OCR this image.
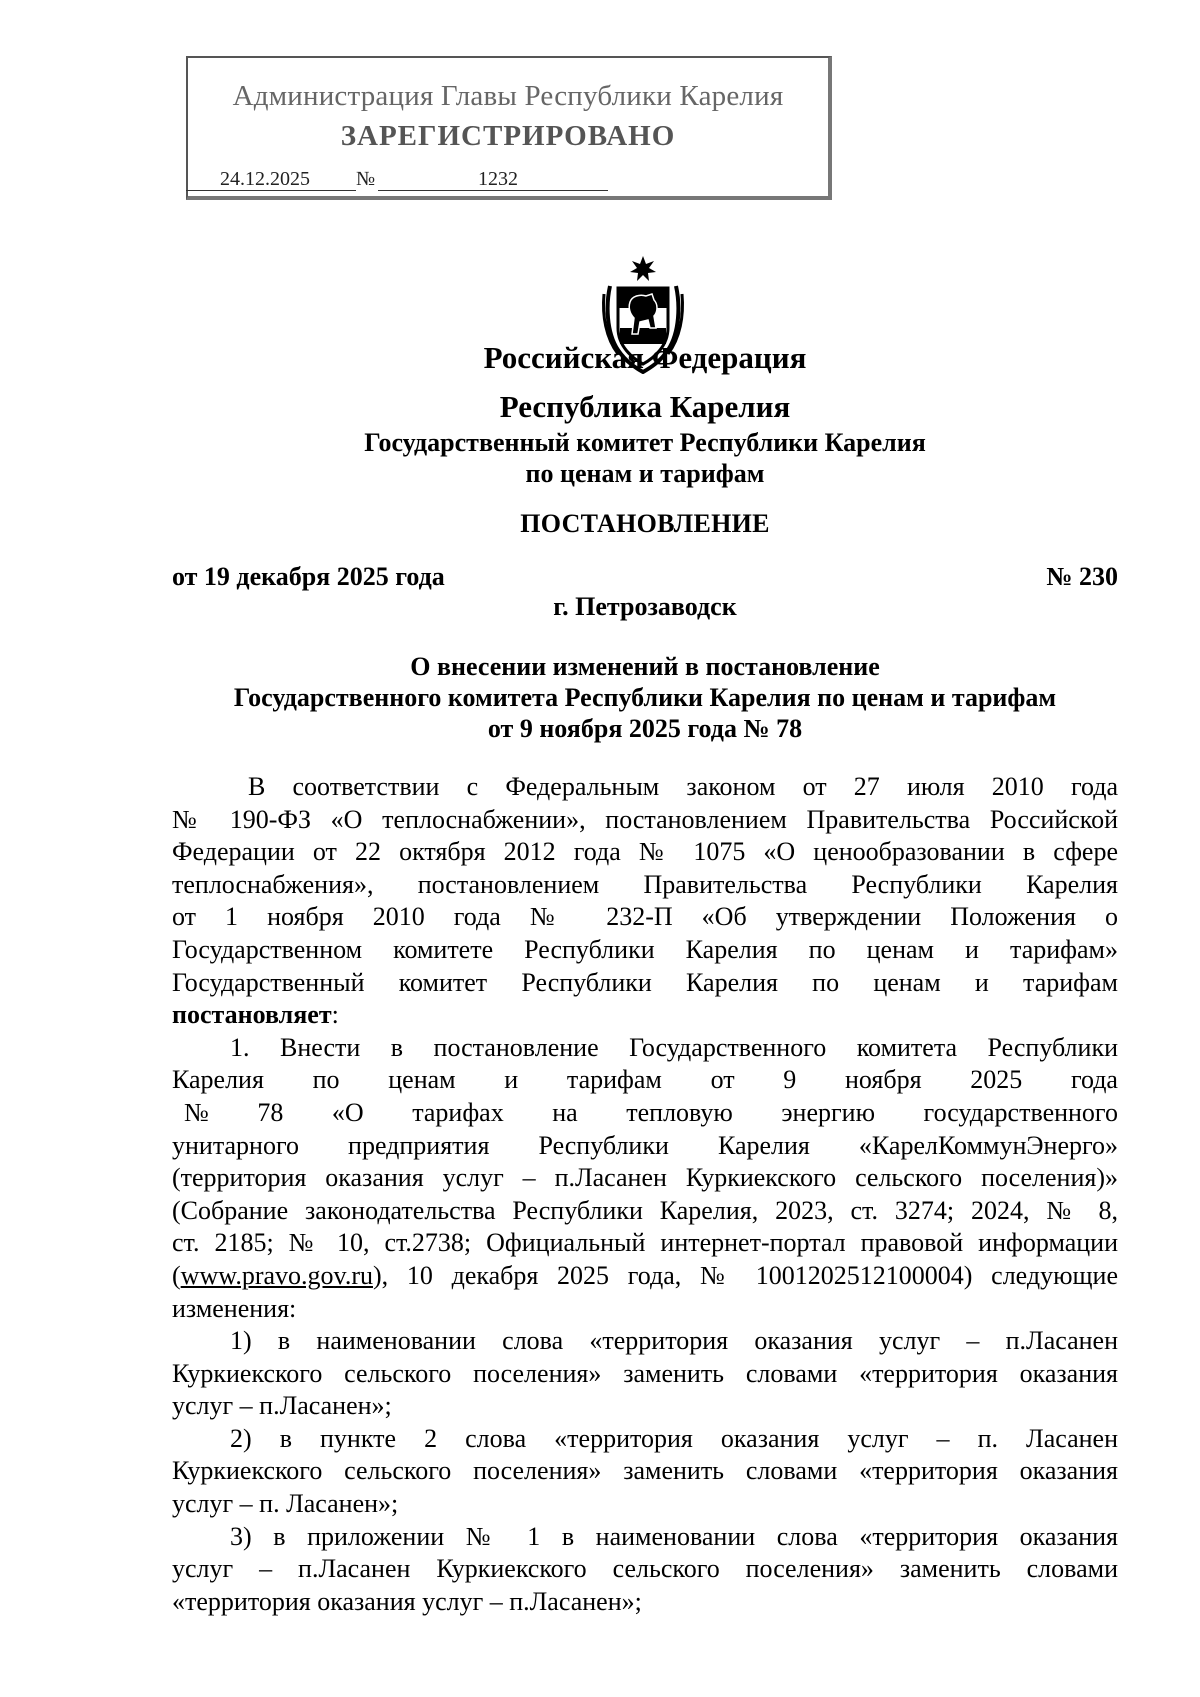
Администрация Главы Республики Карелия
ЗАРЕГИСТРИРОВАНО
24.12.2025	№	1232
Российская Федерация
Республика Карелия
Государственный комитет Республики Карелия
по ценам и тарифам
ПОСТАНОВЛЕНИЕ
от 19 декабря 2025 года	№ 230
г. Петрозаводск
О внесении изменений в постановление
Государственного комитета Республики Карелия по ценам и тарифам
от 9 ноября 2025 года № 78
В соответствии с Федеральным законом от 27 июля 2010 года
№ 190-ФЗ «О теплоснабжении», постановлением Правительства Российской
Федерации от 22 октября 2012 года № 1075 «О ценообразовании в сфере
теплоснабжения», постановлением Правительства Республики Карелия
от 1 ноября 2010 года № 232-П «Об утверждении Положения о
Государственном комитете Республики Карелия по ценам и тарифам»
Государственный комитет Республики Карелия по ценам и тарифам
постановляет:
1. Внести в постановление Государственного комитета Республики
Карелия по ценам и тарифам от 9 ноября 2025 года
№ 78 «О тарифах на тепловую энергию государственного
унитарного предприятия Республики Карелия «КарелКоммунЭнерго»
(территория оказания услуг – п.Ласанен Куркиекского сельского поселения)»
(Собрание законодательства Республики Карелия, 2023, ст. 3274; 2024, № 8,
ст. 2185; № 10, ст.2738; Официальный интернет-портал правовой информации
(www.pravo.gov.ru), 10 декабря 2025 года, № 1001202512100004) следующие
изменения:
1) в наименовании слова «территория оказания услуг – п.Ласанен
Куркиекского сельского поселения» заменить словами «территория оказания
услуг – п.Ласанен»;
2) в пункте 2 слова «территория оказания услуг – п. Ласанен
Куркиекского сельского поселения» заменить словами «территория оказания
услуг – п. Ласанен»;
3) в приложении № 1 в наименовании слова «территория оказания
услуг – п.Ласанен Куркиекского сельского поселения» заменить словами
«территория оказания услуг – п.Ласанен»;
